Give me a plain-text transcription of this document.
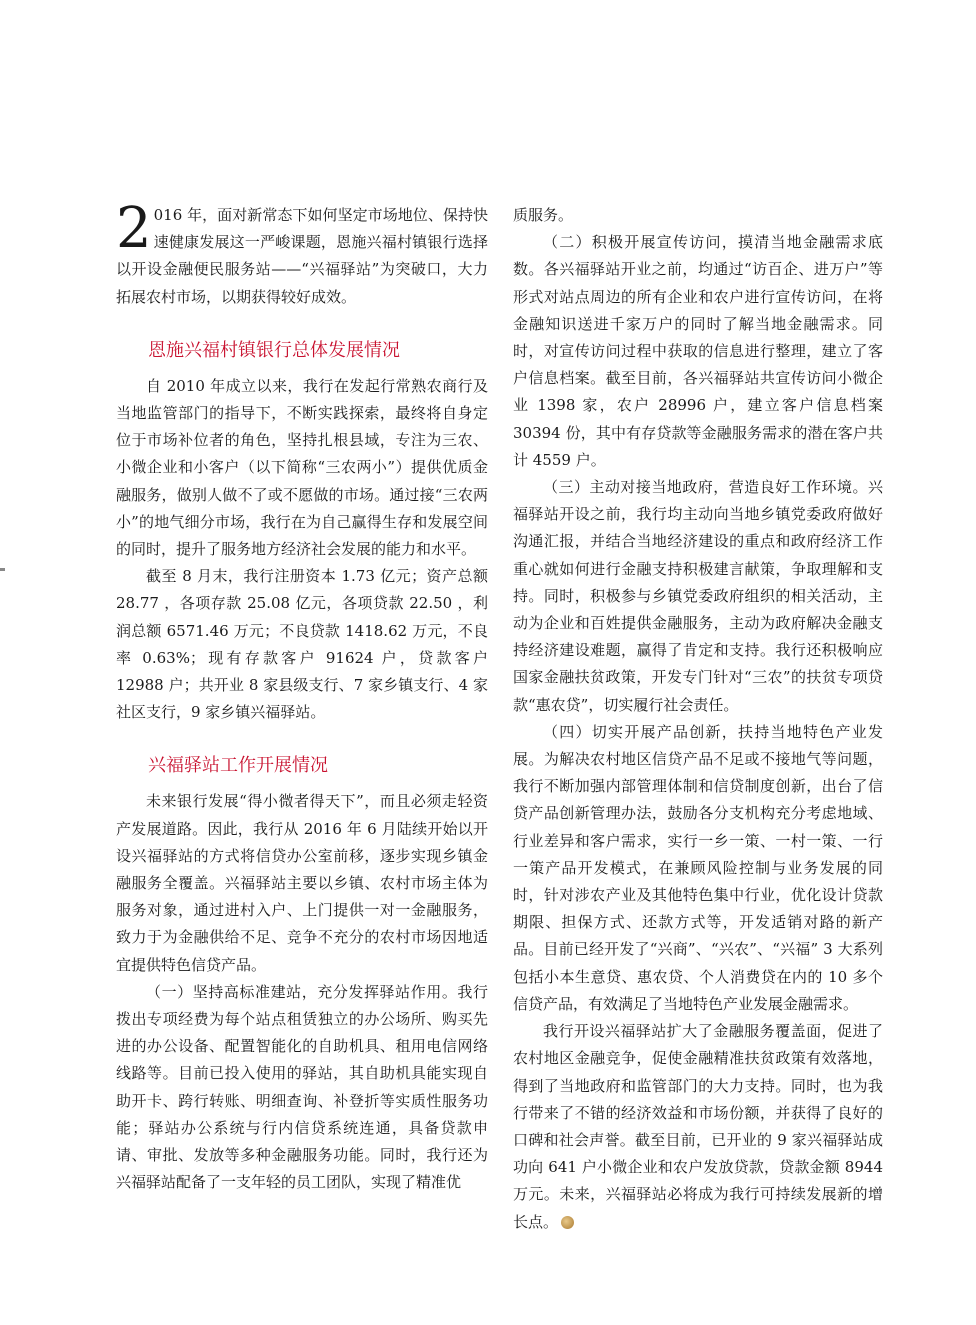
2 016 年，面对新常态下如何坚定市场地位、保持快速健康发展这一严峻课题，恩施兴福村镇银行选择以开设金融便民服务站——“兴福驿站”为突破口，大力拓展农村市场，以期获得较好成效。

恩施兴福村镇银行总体发展情况

自 2010 年成立以来，我行在发起行常熟农商行及当地监管部门的指导下，不断实践探索，最终将自身定位于市场补位者的角色，坚持扎根县域，专注为三农、小微企业和小客户（以下简称“三农两小”）提供优质金融服务，做别人做不了或不愿做的市场。通过接“三农两小”的地气细分市场，我行在为自己赢得生存和发展空间的同时，提升了服务地方经济社会发展的能力和水平。

截至 8 月末，我行注册资本 1.73 亿元；资产总额 28.77 ，各项存款 25.08 亿元，各项贷款 22.50 ，利润总额 6571.46 万元；不良贷款 1418.62 万元，不良率 0.63%；现有存款客户 91624 户，贷款客户 12988 户；共开业 8 家县级支行、7 家乡镇支行、4 家社区支行，9 家乡镇兴福驿站。

兴福驿站工作开展情况

未来银行发展“得小微者得天下”，而且必须走轻资产发展道路。因此，我行从 2016 年 6 月陆续开始以开设兴福驿站的方式将信贷办公室前移，逐步实现乡镇金融服务全覆盖。兴福驿站主要以乡镇、农村市场主体为服务对象，通过进村入户、上门提供一对一金融服务，致力于为金融供给不足、竞争不充分的农村市场因地适宜提供特色信贷产品。

（一）坚持高标准建站，充分发挥驿站作用。我行拨出专项经费为每个站点租赁独立的办公场所、购买先进的办公设备、配置智能化的自助机具、租用电信网络线路等。目前已投入使用的驿站，其自助机具能实现自助开卡、跨行转账、明细查询、补登折等实质性服务功能；驿站办公系统与行内信贷系统连通，具备贷款申请、审批、发放等多种金融服务功能。同时，我行还为兴福驿站配备了一支年轻的员工团队，实现了精准优

质服务。

（二）积极开展宣传访问，摸清当地金融需求底数。各兴福驿站开业之前，均通过“访百企、进万户”等形式对站点周边的所有企业和农户进行宣传访问，在将金融知识送进千家万户的同时了解当地金融需求。同时，对宣传访问过程中获取的信息进行整理，建立了客户信息档案。截至目前，各兴福驿站共宣传访问小微企业 1398 家，农户 28996 户，建立客户信息档案 30394 份，其中有存贷款等金融服务需求的潜在客户共计 4559 户。

（三）主动对接当地政府，营造良好工作环境。兴福驿站开设之前，我行均主动向当地乡镇党委政府做好沟通汇报，并结合当地经济建设的重点和政府经济工作重心就如何进行金融支持积极建言献策，争取理解和支持。同时，积极参与乡镇党委政府组织的相关活动，主动为企业和百姓提供金融服务，主动为政府解决金融支持经济建设难题，赢得了肯定和支持。我行还积极响应国家金融扶贫政策，开发专门针对“三农”的扶贫专项贷款“惠农贷”，切实履行社会责任。

（四）切实开展产品创新，扶持当地特色产业发展。为解决农村地区信贷产品不足或不接地气等问题，我行不断加强内部管理体制和信贷制度创新，出台了信贷产品创新管理办法，鼓励各分支机构充分考虑地域、行业差异和客户需求，实行一乡一策、一村一策、一行一策产品开发模式，在兼顾风险控制与业务发展的同时，针对涉农产业及其他特色集中行业，优化设计贷款期限、担保方式、还款方式等，开发适销对路的新产品。目前已经开发了“兴商”、“兴农”、“兴福” 3 大系列包括小本生意贷、惠农贷、个人消费贷在内的 10 多个信贷产品，有效满足了当地特色产业发展金融需求。

我行开设兴福驿站扩大了金融服务覆盖面，促进了农村地区金融竞争，促使金融精准扶贫政策有效落地，得到了当地政府和监管部门的大力支持。同时，也为我行带来了不错的经济效益和市场份额，并获得了良好的口碑和社会声誉。截至目前，已开业的 9 家兴福驿站成功向 641 户小微企业和农户发放贷款，贷款金额 8944 万元。未来，兴福驿站必将成为我行可持续发展新的增长点。
